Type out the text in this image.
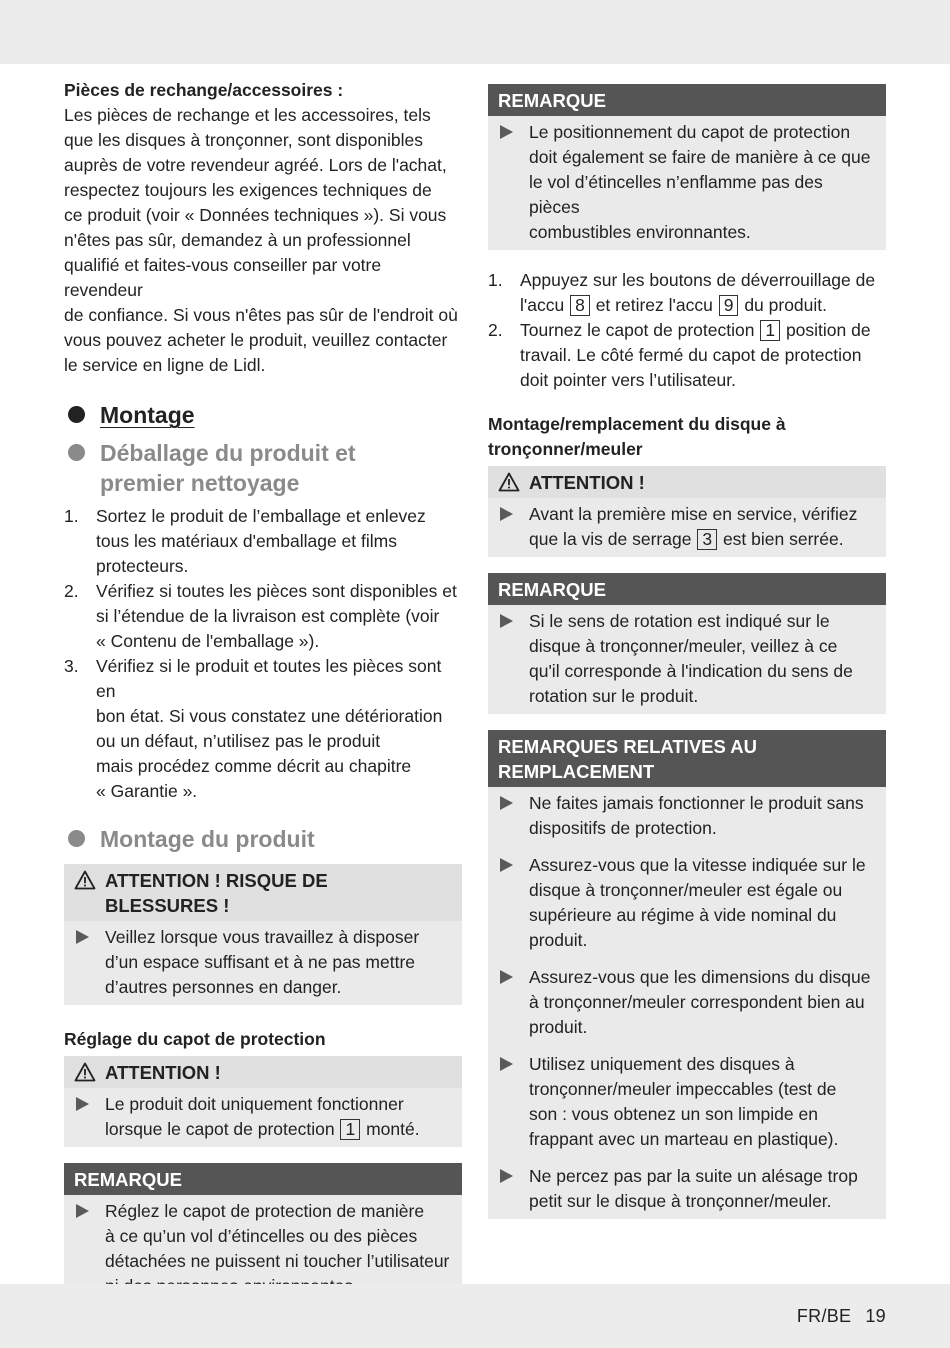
Pièces de rechange/accessoires :
Les pièces de rechange et les accessoires, tels
que les disques à tronçonner, sont disponibles
auprès de votre revendeur agréé. Lors de l'achat,
respectez toujours les exigences techniques de
ce produit (voir « Données techniques »). Si vous
n'êtes pas sûr, demandez à un professionnel
qualifié et faites-vous conseiller par votre revendeur
de confiance. Si vous n'êtes pas sûr de l'endroit où
vous pouvez acheter le produit, veuillez contacter
le service en ligne de Lidl.
Montage
Déballage du produit et
premier nettoyage
1. Sortez le produit de l’emballage et enlevez
tous les matériaux d'emballage et films
protecteurs.
2. Vérifiez si toutes les pièces sont disponibles et
si l’étendue de la livraison est complète (voir
« Contenu de l'emballage »).
3. Vérifiez si le produit et toutes les pièces sont en
bon état. Si vous constatez une détérioration
ou un défaut, n’utilisez pas le produit
mais procédez comme décrit au chapitre
« Garantie ».
Montage du produit
ATTENTION ! RISQUE DE
BLESSURES !
Veillez lorsque vous travaillez à disposer
d’un espace suffisant et à ne pas mettre
d’autres personnes en danger.
Réglage du capot de protection
ATTENTION !
Le produit doit uniquement fonctionner
lorsque le capot de protection 1 monté.
REMARQUE
Réglez le capot de protection de manière
à ce qu’un vol d’étincelles ou des pièces
détachées ne puissent ni toucher l’utilisateur
REMARQUE
Le positionnement du capot de protection
doit également se faire de manière à ce que
le vol d’étincelles n’enflamme pas des pièces
combustibles environnantes.
1. Appuyez sur les boutons de déverrouillage de
l'accu 8 et retirez l'accu 9 du produit.
2. Tournez le capot de protection 1 position de
travail. Le côté fermé du capot de protection
doit pointer vers l’utilisateur.
Montage/remplacement du disque à
tronçonner/meuler
ATTENTION !
Avant la première mise en service, vérifiez
que la vis de serrage 3 est bien serrée.
REMARQUE
Si le sens de rotation est indiqué sur le
disque à tronçonner/meuler, veillez à ce
qu'il corresponde à l'indication du sens de
rotation sur le produit.
REMARQUES RELATIVES AU
REMPLACEMENT
Ne faites jamais fonctionner le produit sans
dispositifs de protection.
Assurez-vous que la vitesse indiquée sur le
disque à tronçonner/meuler est égale ou
supérieure au régime à vide nominal du
produit.
Assurez-vous que les dimensions du disque
à tronçonner/meuler correspondent bien au
produit.
Utilisez uniquement des disques à
tronçonner/meuler impeccables (test de
son : vous obtenez un son limpide en
frappant avec un marteau en plastique).
Ne percez pas par la suite un alésage trop
petit sur le disque à tronçonner/meuler.
FR/BE 19
